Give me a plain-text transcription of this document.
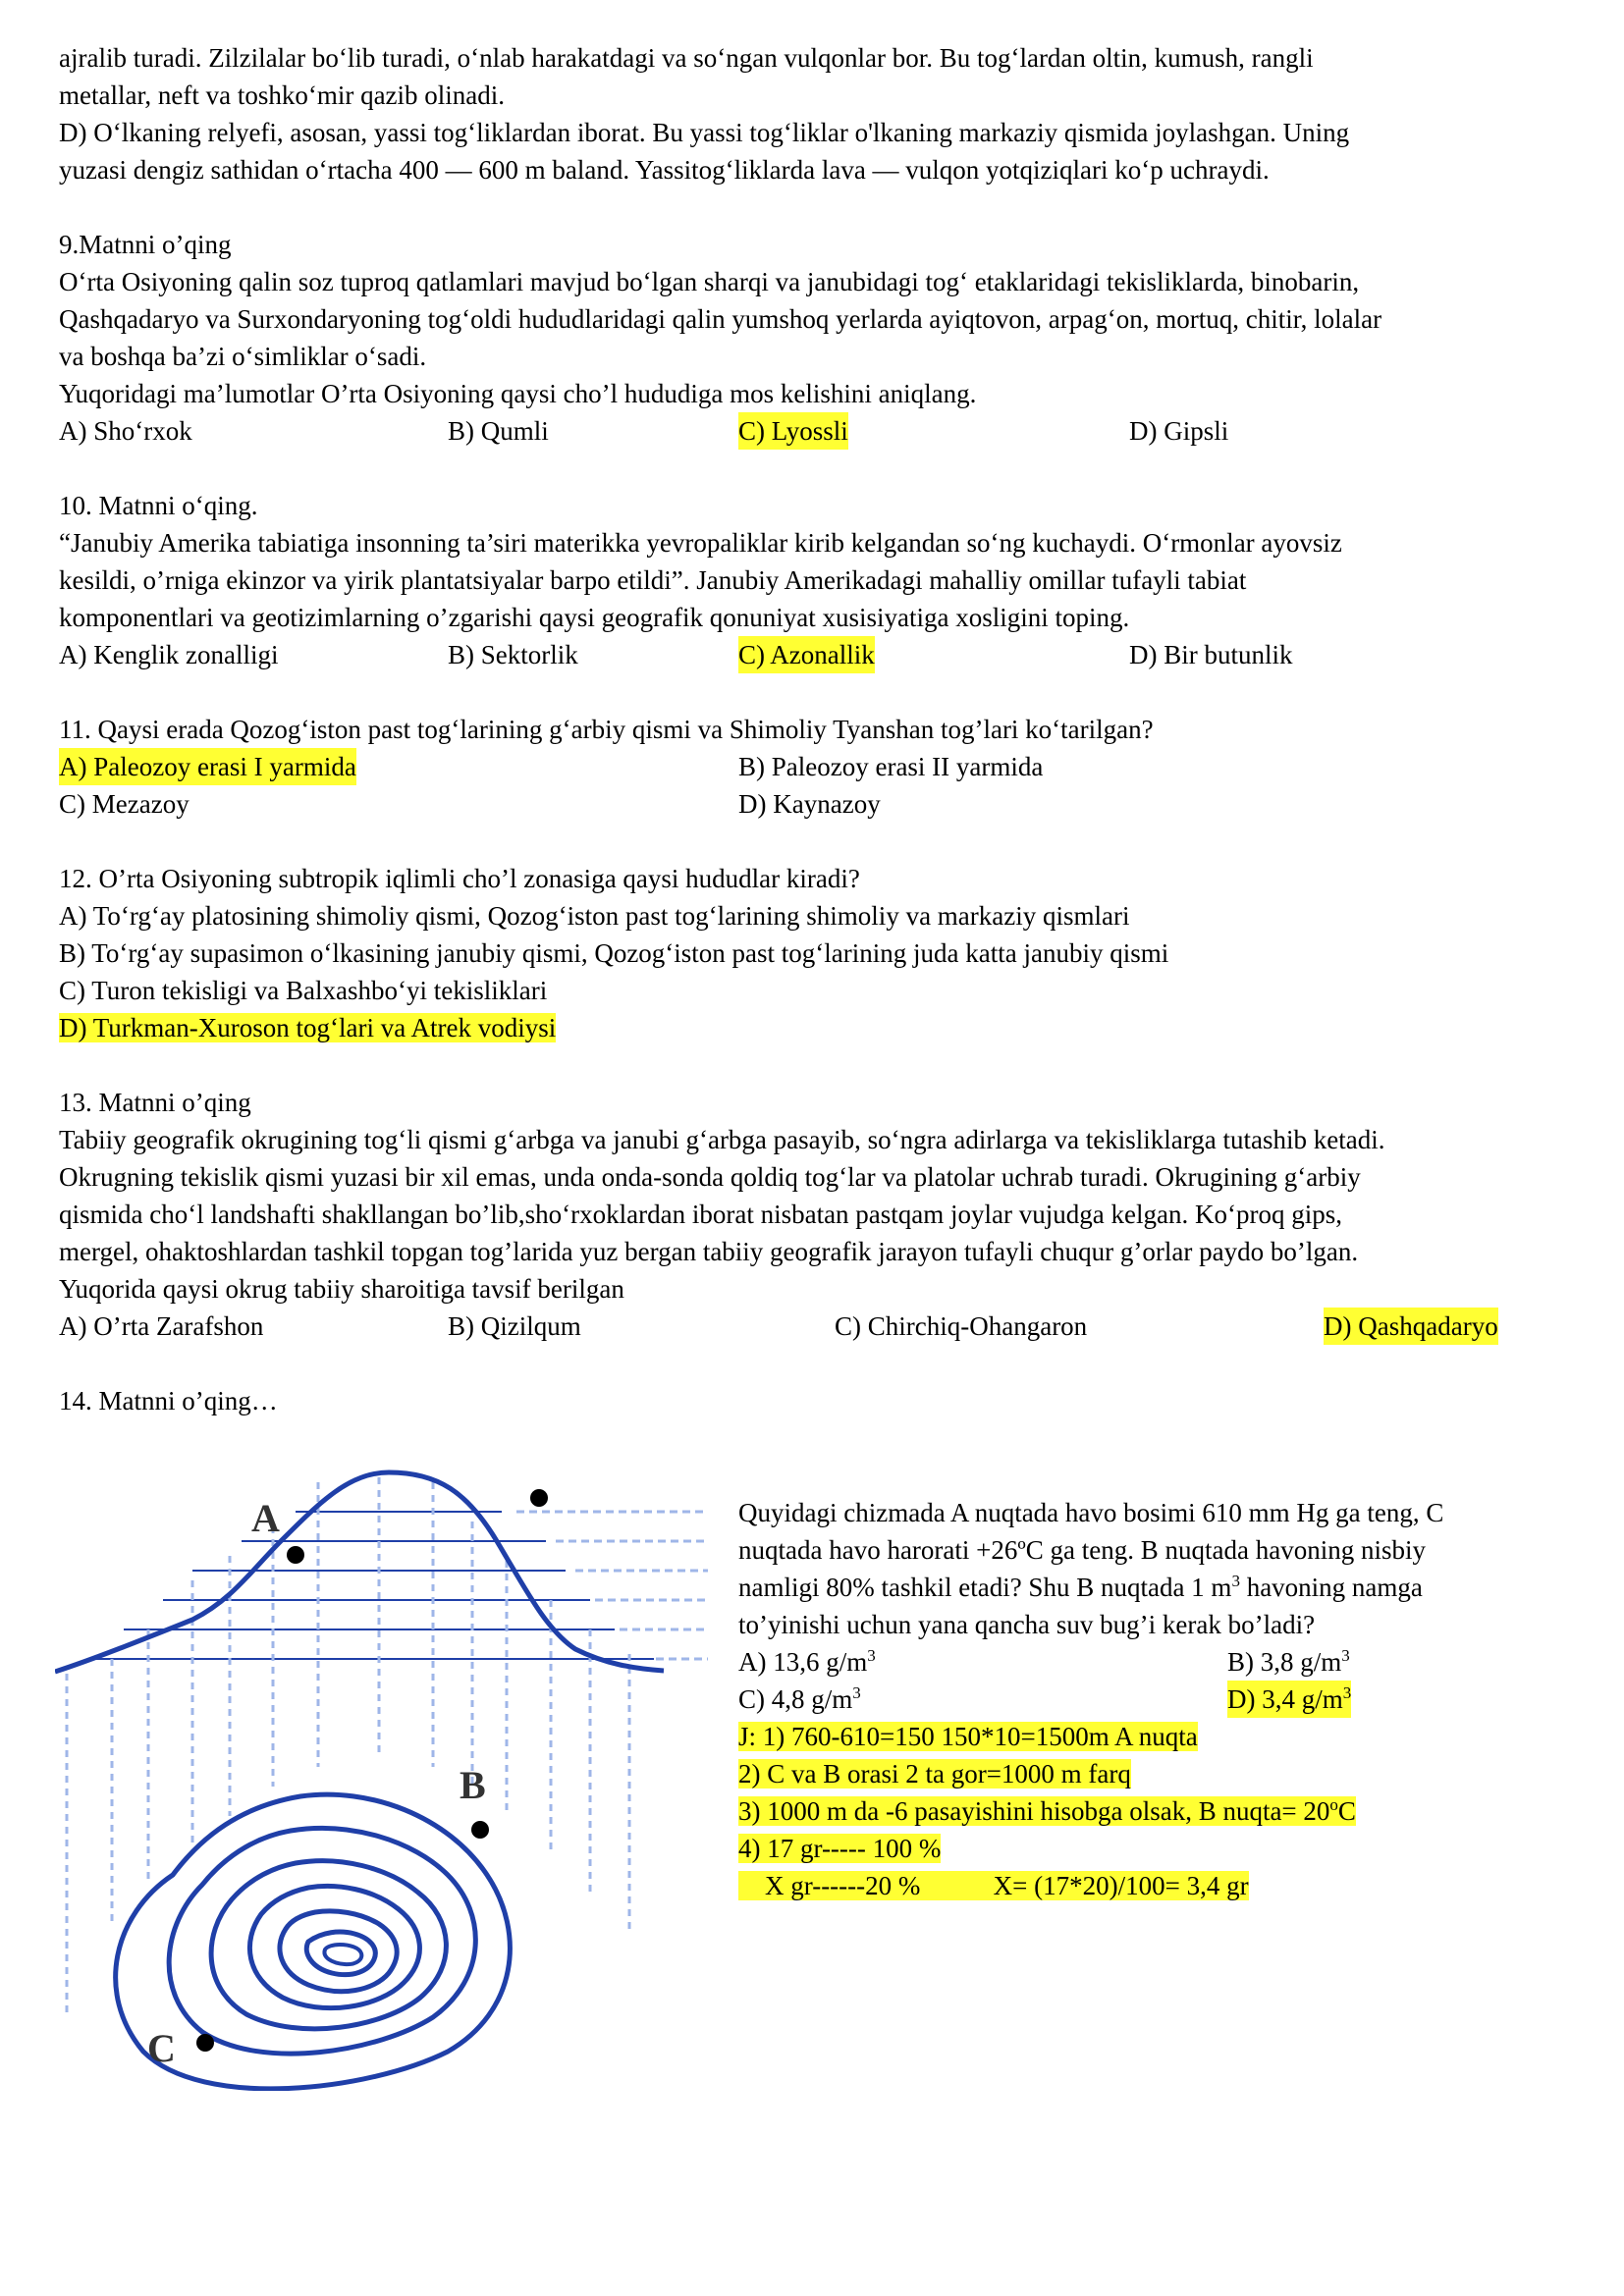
ajralib turadi. Zilzilalar bo‘lib turadi, o‘nlab harakatdagi va so‘ngan vulqonlar bor. Bu tog‘lardan oltin, kumush, rangli
metallar, neft va toshko‘mir qazib olinadi.
D) O‘lkaning relyefi, asosan, yassi tog‘liklardan iborat. Bu yassi tog‘liklar o'lkaning markaziy qismida joylashgan. Uning
yuzasi dengiz sathidan o‘rtacha 400 — 600 m baland. Yassitog‘liklarda lava — vulqon yotqiziqlari ko‘p uchraydi.
9.Matnni o’qing
O‘rta Osiyoning qalin soz tuproq qatlamlari mavjud bo‘lgan sharqi va janubidagi tog‘ etaklaridagi tekisliklarda, binobarin,
Qashqadaryo va Surxondaryoning tog‘oldi hududlaridagi qalin yumshoq yerlarda ayiqtovon, arpag‘on, mortuq, chitir, lolalar
va boshqa ba’zi o‘simliklar o‘sadi.
Yuqoridagi ma’lumotlar O’rta Osiyoning qaysi cho’l hududiga mos kelishini aniqlang.
A) Sho‘rxok	B) Qumli	C) Lyossli	D) Gipsli
10. Matnni o‘qing.
“Janubiy Amerika tabiatiga insonning ta’siri materikka yevropaliklar kirib kelgandan so‘ng kuchaydi. O‘rmonlar ayovsiz
kesildi, o’rniga ekinzor va yirik plantatsiyalar barpo etildi”. Janubiy Amerikadagi mahalliy omillar tufayli tabiat
komponentlari va geotizimlarning o’zgarishi qaysi geografik qonuniyat xusisiyatiga xosligini toping.
A) Kenglik zonalligi	B) Sektorlik	C) Azonallik	D) Bir butunlik
11. Qaysi erada Qozog‘iston past tog‘larining g‘arbiy qismi va Shimoliy Tyanshan tog’lari ko‘tarilgan?
A) Paleozoy erasi I yarmida	B) Paleozoy erasi II yarmida
C) Mezazoy	D) Kaynazoy
12. O’rta Osiyoning subtropik iqlimli cho’l zonasiga qaysi hududlar kiradi?
A) To‘rg‘ay platosining shimoliy qismi, Qozog‘iston past tog‘larining shimoliy va markaziy qismlari
B) To‘rg‘ay supasimon o‘lkasining janubiy qismi, Qozog‘iston past tog‘larining juda katta janubiy qismi
C) Turon tekisligi va Balxashbo‘yi tekisliklari
D) Turkman-Xuroson tog‘lari va Atrek vodiysi
13. Matnni o’qing
Tabiiy geografik okrugining tog‘li qismi g‘arbga va janubi g‘arbga pasayib, so‘ngra adirlarga va tekisliklarga tutashib ketadi.
Okrugning tekislik qismi yuzasi bir xil emas, unda onda-sonda qoldiq tog‘lar va platolar uchrab turadi. Okrugining g‘arbiy
qismida cho‘l landshafti shakllangan bo’lib,sho‘rxoklardan iborat nisbatan pastqam joylar vujudga kelgan. Ko‘proq gips,
mergel, ohaktoshlardan tashkil topgan tog’larida yuz bergan tabiiy geografik jarayon tufayli chuqur g’orlar paydo bo’lgan.
Yuqorida qaysi okrug tabiiy sharoitiga tavsif berilgan
A) O’rta Zarafshon	B) Qizilqum	C) Chirchiq-Ohangaron	D) Qashqadaryo
14. Matnni o’qing…
A
B
C
Quyidagi chizmada A nuqtada havo bosimi 610 mm Hg ga teng, C
nuqtada havo harorati +26ºC ga teng. B nuqtada havoning nisbiy
namligi 80% tashkil etadi? Shu B nuqtada 1 $m^3$ havoning namga
to’yinishi uchun yana qancha suv bug’i kerak bo’ladi?
A) 13,6 $g/m^3$	B) 3,8 $g/m^3$
C) 4,8 $g/m^3$	D) 3,4 $g/m^3$
J: 1) 760-610=150 150*10=1500m A nuqta
2) C va B orasi 2 ta gor=1000 m farq
3) 1000 m da -6 pasayishini hisobga olsak, B nuqta= $20^oC$
4) 17 gr----- 100 %
X gr------20 %           X= (17*20)/100= 3,4 gr
